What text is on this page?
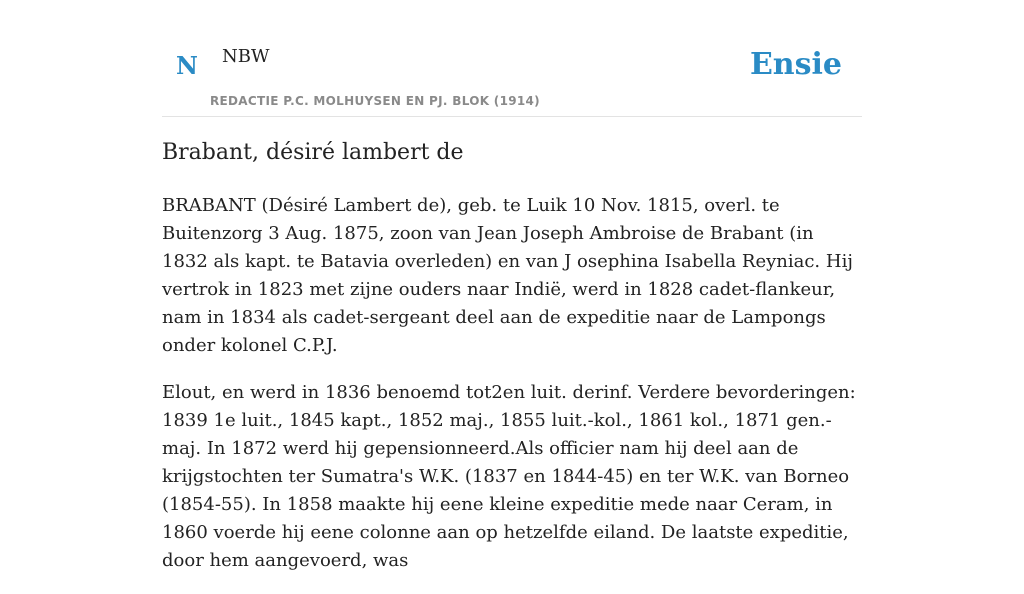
N NBW
REDACTIE P.C. MOLHUYSEN EN PJ. BLOK (1914)
Ensie
Brabant, désiré lambert de

BRABANT (Désiré Lambert de), geb. te Luik 10 Nov. 1815, overl. te Buitenzorg 3 Aug. 1875, zoon van Jean Joseph Ambroise de Brabant (in 1832 als kapt. te Batavia overleden) en van J osephina Isabella Reyniac. Hij vertrok in 1823 met zijne ouders naar Indië, werd in 1828 cadet-flankeur, nam in 1834 als cadet-sergeant deel aan de expeditie naar de Lampongs onder kolonel C.P.J.

Elout, en werd in 1836 benoemd tot2en luit. derinf. Verdere bevorderingen: 1839 1e luit., 1845 kapt., 1852 maj., 1855 luit.-kol., 1861 kol., 1871 gen.-maj. In 1872 werd hij gepensionneerd.Als officier nam hij deel aan de krijgstochten ter Sumatra's W.K. (1837 en 1844-45) en ter W.K. van Borneo (1854-55). In 1858 maakte hij eene kleine expeditie mede naar Ceram, in 1860 voerde hij eene colonne aan op hetzelfde eiland. De laatste expeditie, door hem aangevoerd, was
